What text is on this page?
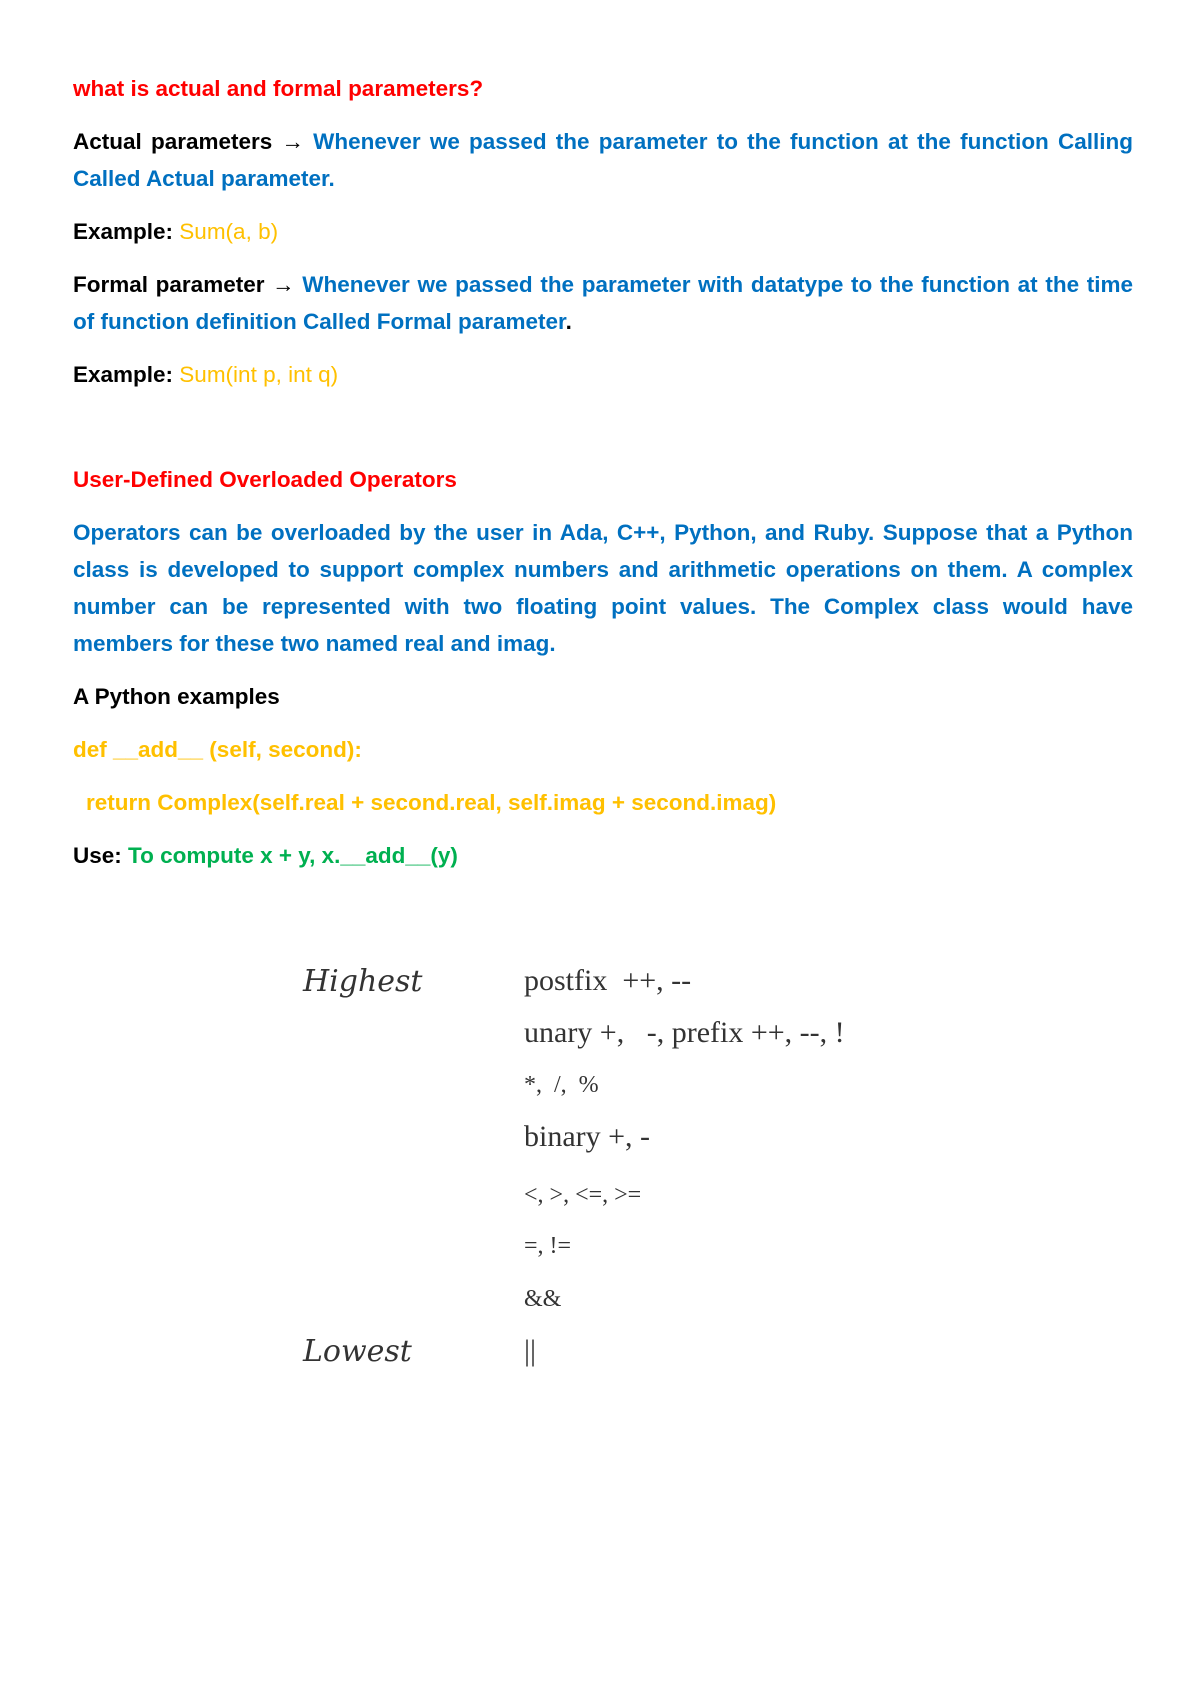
what is actual and formal parameters?

Actual parameters → Whenever we passed the parameter to the function at the function Calling Called Actual parameter.

Example: Sum(a, b)

Formal parameter → Whenever we passed the parameter with datatype to the function at the time of function definition Called Formal parameter.

Example: Sum(int p, int q)

User-Defined Overloaded Operators

Operators can be overloaded by the user in Ada, C++, Python, and Ruby. Suppose that a Python class is developed to support complex numbers and arithmetic operations on them. A complex number can be represented with two floating point values. The Complex class would have members for these two named real and imag.

A Python examples

def __add__ (self, second):

return Complex(self.real + second.real, self.imag + second.imag)

Use: To compute x + y, x.__add__(y)

Highest	postfix  ++, --
unary +,   -, prefix ++, --, !
*,  /,  %
binary +, -
<, >, <=, >=
=, !=
&&
Lowest	||
